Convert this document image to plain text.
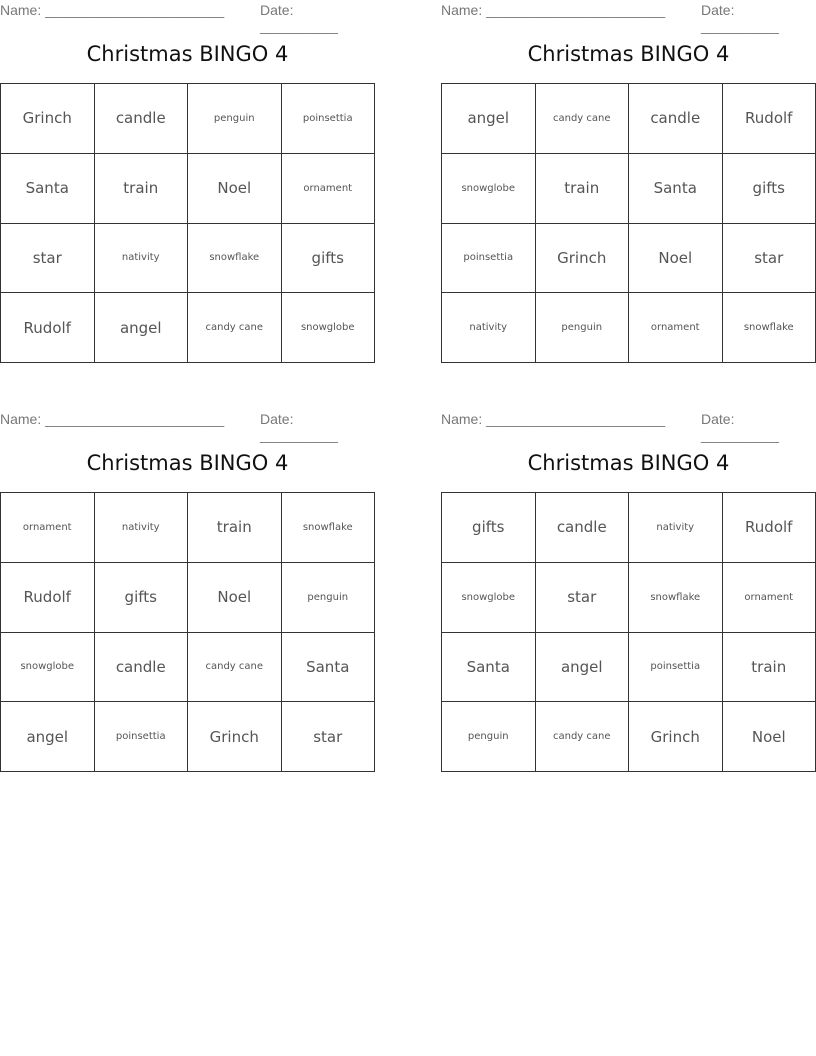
Name: _______________________	Date: __________
Christmas BINGO 4
Grinch	candle	penguin	poinsettia
Santa	train	Noel	ornament
star	nativity	snowflake	gifts
Rudolf	angel	candy cane	snowglobe
Name: _______________________	Date: __________
Christmas BINGO 4
angel	candy cane	candle	Rudolf
snowglobe	train	Santa	gifts
poinsettia	Grinch	Noel	star
nativity	penguin	ornament	snowflake
Name: _______________________	Date: __________
Christmas BINGO 4
ornament	nativity	train	snowflake
Rudolf	gifts	Noel	penguin
snowglobe	candle	candy cane	Santa
angel	poinsettia	Grinch	star
Name: _______________________	Date: __________
Christmas BINGO 4
gifts	candle	nativity	Rudolf
snowglobe	star	snowflake	ornament
Santa	angel	poinsettia	train
penguin	candy cane	Grinch	Noel
